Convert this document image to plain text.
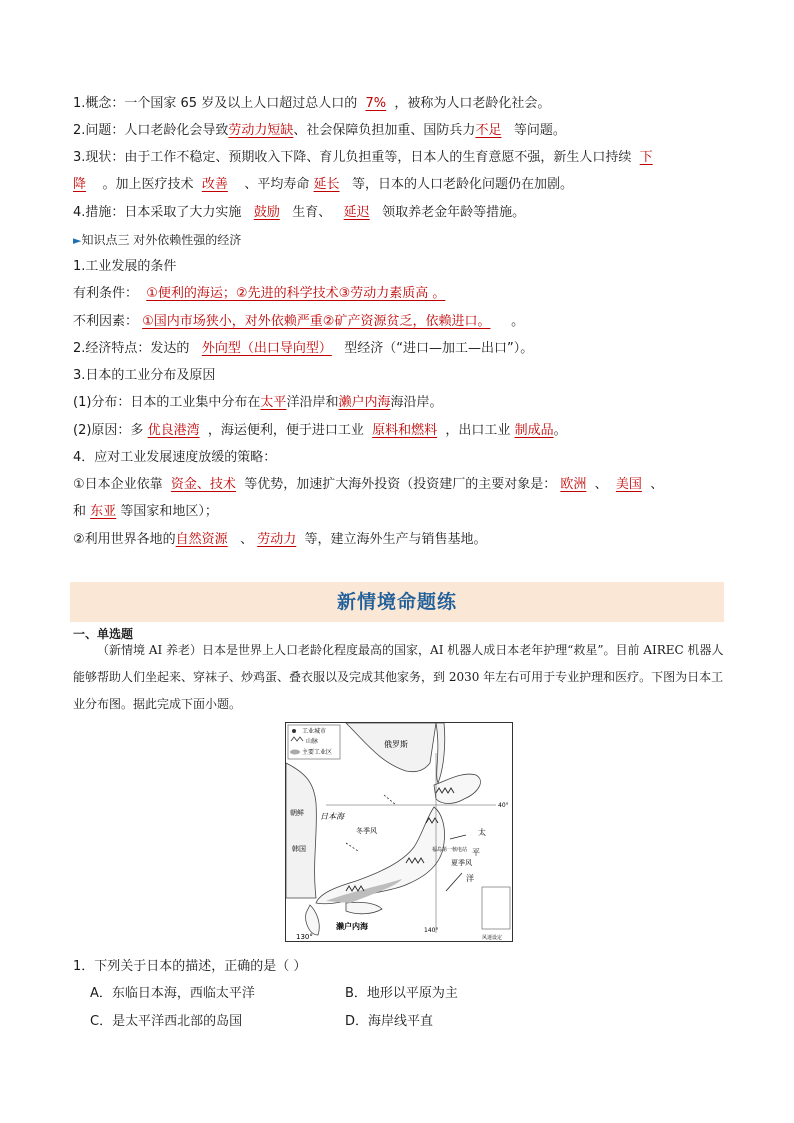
1.概念：一个国家 65 岁及以上人口超过总人口的 7% ，被称为人口老龄化社会。
2.问题：人口老龄化会导致劳动力短缺、社会保障负担加重、国防兵力不足 等问题。
3.现状：由于工作不稳定、预期收入下降、育儿负担重等，日本人的生育意愿不强，新生人口持续 下
降 。加上医疗技术 改善 、平均寿命 延长 等，日本的人口老龄化问题仍在加剧。
4.措施：日本采取了大力实施 鼓励 生育、 延迟 领取养老金年龄等措施。
►知识点三 对外依赖性强的经济
1.工业发展的条件
有利条件： ①便利的海运；②先进的科学技术③劳动力素质高 。
不利因素： ①国内市场狭小，对外依赖严重②矿产资源贫乏，依赖进口。 。
2.经济特点：发达的 外向型（出口导向型） 型经济（“进口—加工—出口”）。
3.日本的工业分布及原因
(1)分布：日本的工业集中分布在太平洋沿岸和濑户内海海沿岸。
(2)原因：多 优良港湾 ，海运便利，便于进口工业 原料和燃料 ，出口工业 制成品。
4．应对工业发展速度放缓的策略：
①日本企业依靠 资金、技术 等优势，加速扩大海外投资（投资建厂的主要对象是： 欧洲 、 美国 、
和 东亚 等国家和地区）；
②利用世界各地的自然资源 、 劳动力 等，建立海外生产与销售基地。
新情境命题练
一、单选题
（新情境 AI 养老）日本是世界上人口老龄化程度最高的国家，AI 机器人成日本老年护理“救星”。目前 AIREC 机器人能够帮助人们坐起来、穿袜子、炒鸡蛋、叠衣服以及完成其他家务，到 2030 年左右可用于专业护理和医疗。下图为日本工业分布图。据此完成下面小题。
工业城市
山脉
主要工业区
俄罗斯
朝鲜
韩国
40°
130°
140°
日本海
冬季风
夏季风
福岛第一核电站
太
平
洋
濑户内海
风迷设定
1．下列关于日本的描述，正确的是（ ）
A．东临日本海，西临太平洋	B．地形以平原为主
C．是太平洋西北部的岛国	D．海岸线平直
